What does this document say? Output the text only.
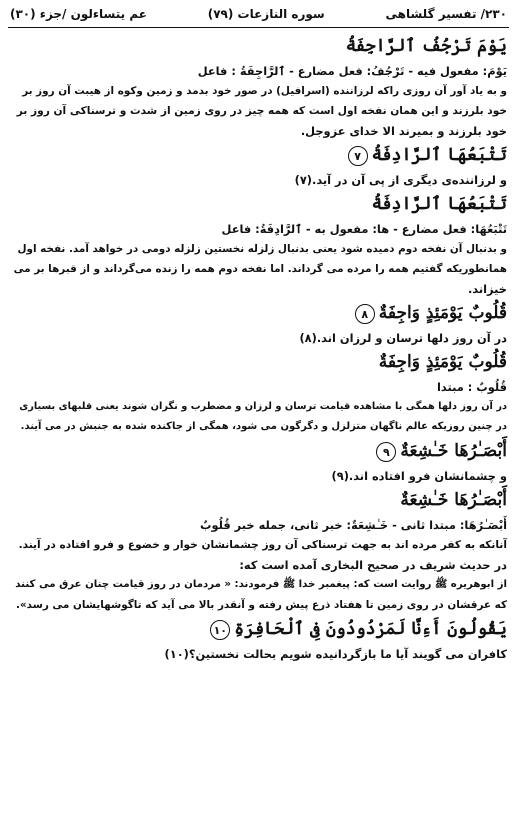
۲۳۰/ تفسیر گلشاهی
سوره النازعات (۷۹)
عم یتساءلون /جزء (۳۰)
يَوْمَ تَرْجُفُ ٱلرَّاجِفَةُ
يَوْمَ: مفعول فيه - تَرْجُفُ: فعل مضارع - ٱلرَّاجِفَةُ : فاعل
و به یاد آور آن روزی راکه لرزاننده (اسرافیل) در صور خود بدمد و زمین وکوه از هیبت آن روز بر
خود بلرزند و این همان نفخه اول است که همه چیز در روی زمین از شدت و ترسناکی آن روز بر
خود بلرزند و بمیرند الا خدای عزوجل.
تَتْبَعُهَا ٱلرَّادِفَةُ۷
و لرزاننده‌ی دیگری از پی آن در آید.(۷)
تَتْبَعُهَا ٱلرَّادِفَةُ
تَتْبَعُهَا: فعل مضارع - ها: مفعول به - ٱلرَّادِفَةُ: فاعل
و بدنبال آن نفخه دوم دمیده شود یعنی بدنبال زلزله نخستین زلزله دومی در خواهد آمد. نفخه اول
همانطوریکه گفتیم همه را مرده می گرداند. اما نفخه دوم همه را زنده می‌گرداند و از قبرها بر می
خیزاند.
قُلُوبٌ يَوْمَئِذٍ وَاجِفَةٌ۸
در آن روز دلها ترسان و لرزان اند.(۸)
قُلُوبٌ يَوْمَئِذٍ وَاجِفَةٌ
قُلُوبٌ : مبتدا
در آن روز دلها همگی با مشاهده قیامت ترسان و لرزان و مضطرب و نگران شوند یعنی قلبهای بسیاری
در چنین روزیکه عالم ناگهان متزلزل و دگرگون می شود، همگی از جاکنده شده به جنبش در می آیند.
أَبْصَـٰرُهَا خَـٰشِعَةٌ۹
و چشمانشان فرو افتاده اند.(۹)
أَبْصَـٰرُهَا خَـٰشِعَةٌ
أَبْصَـٰرُهَا: مبتدا ثانی - خَـٰشِعَةٌ: خبر ثانی، جمله خبر قُلُوبٌ
آنانکه به کفر مرده اند به جهت ترسناکی آن روز چشمانشان خوار و خضوع و فرو افتاده در آیند.
در حدیث شریف در صحیح البخاری آمده است که:
از ابوهریره ﷺ روایت است که: پیغمبر خدا ﷺ فرمودند: « مردمان در روز قیامت چنان عرق می کنند
که عرقشان در روی زمین تا هفتاد ذرع پیش رفته و آنقدر بالا می آید که تاگوشهایشان می رسد».
يَقُولُونَ أَءِنَّا لَمَرْدُودُونَ فِى ٱلْحَافِرَةِ۱۰
کافران می گویند آیا ما بازگردانیده شویم بحالت نخستین؟(۱۰)
